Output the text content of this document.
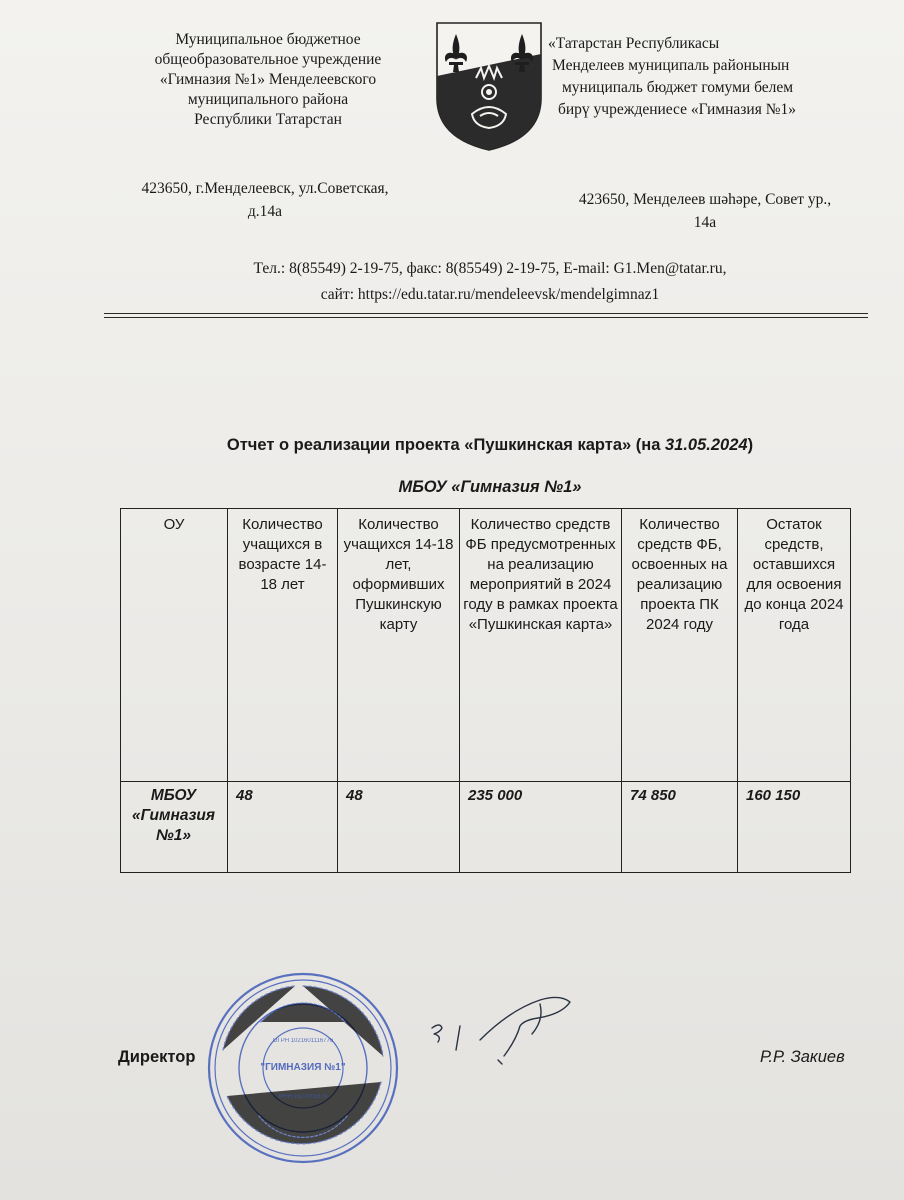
Муниципальное бюджетное
общеобразовательное учреждение
«Гимназия №1» Менделеевского
муниципального района
Республики Татарстан
«Татарстан Республикасы
Менделеев муниципаль районынын
муниципаль бюджет гомуми белем
бирү учреждениесе «Гимназия №1»
423650, г.Менделеевск, ул.Советская,
д.14а
423650, Менделеев шәһәре, Совет ур.,
14а
Тел.: 8(85549) 2-19-75, факс: 8(85549) 2-19-75, E-mail: G1.Men@tatar.ru,
сайт: https://edu.tatar.ru/mendeleevsk/mendelgimnaz1
Отчет о реализации проекта «Пушкинская карта» (на 31.05.2024)
МБОУ «Гимназия №1»
ОУ	Количество учащихся в возрасте 14-18 лет	Количество учащихся 14-18 лет, оформивших Пушкинскую карту	Количество средств ФБ предусмотренных на реализацию мероприятий в 2024 году в рамках проекта «Пушкинская карта»	Количество средств ФБ, освоенных на реализацию проекта ПК 2024 году	Остаток средств, оставшихся для освоения до конца 2024 года
МБОУ «Гимназия №1»	48	48	235 000	74 850	160 150
Директор	Р.Р. Закиев
"ГИМНАЗИЯ №1"
ОГРН 1021601116776
ИНН 1627001679
